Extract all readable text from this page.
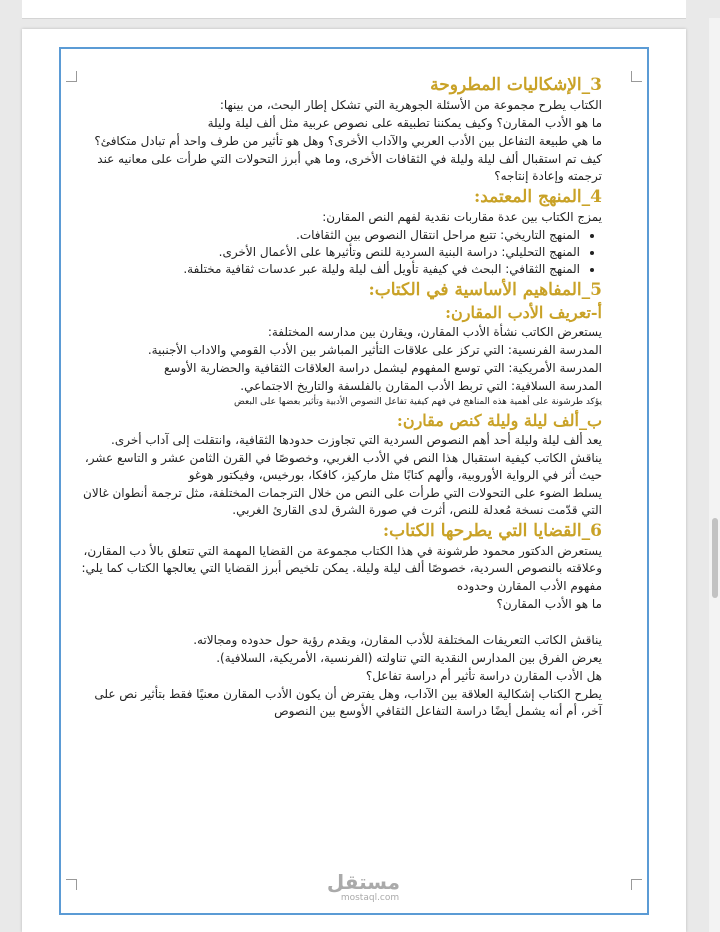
3_الإشكاليات المطروحة

الكتاب يطرح مجموعة من الأسئلة الجوهرية التي تشكل إطار البحث، من بينها:

ما هو الأدب المقارن؟ وكيف يمكننا تطبيقه على نصوص عربية مثل ألف ليلة وليلة

ما هي طبيعة التفاعل بين الأدب العربي والآداب الأخرى؟ وهل هو تأثير من طرف واحد أم تبادل متكافئ؟

كيف تم استقبال ألف ليلة وليلة في الثقافات الأخرى، وما هي أبرز التحولات التي طرأت على معانيه عند ترجمته وإعادة إنتاجه؟

4_المنهج المعتمد:

يمزج الكتاب بين عدة مقاربات نقدية لفهم النص المقارن:

• المنهج التاريخي: تتبع مراحل انتقال النصوص بين الثقافات.
• المنهج التحليلي: دراسة البنية السردية للنص وتأثيرها على الأعمال الأخرى.
• المنهج الثقافي: البحث في كيفية تأويل ألف ليلة وليلة عبر عدسات ثقافية مختلفة.
5_المفاهيم الأساسية في الكتاب:
أ-تعريف الأدب المقارن:

يستعرض الكاتب نشأة الأدب المقارن، ويقارن بين مدارسه المختلفة:

المدرسة الفرنسية: التي تركز على علاقات التأثير المباشر بين الأدب القومي والاداب الأجنبية.

المدرسة الأمريكية: التي توسع المفهوم ليشمل دراسة العلاقات الثقافية والحضارية الأوسع

المدرسة السلافية: التي تربط الأدب المقارن بالفلسفة والتاريخ الاجتماعي.

يؤكد طرشونة على أهمية هذه المناهج في فهم كيفية تفاعل النصوص الأدبية وتأثير بعضها على البعض

ب_ألف ليلة وليلة كنص مقارن:

يعد ألف ليلة وليلة أحد أهم النصوص السردية التي تجاوزت حدودها الثقافية، وانتقلت إلى آداب أخرى.

يناقش الكاتب كيفية استقبال هذا النص في الأدب الغربي، وخصوصًا في القرن الثامن عشر و التاسع عشر، حيث أثر في الرواية الأوروبية، وألهم كتابًا مثل ماركيز، كافكا، بورخيس، وفيكتور هوغو

يسلط الضوء على التحولات التي طرأت على النص من خلال الترجمات المختلفة، مثل ترجمة أنطوان غالان التي قدّمت نسخة مُعدلة للنص، أثرت في صورة الشرق لدى القارئ الغربي.

6_القضايا التي يطرحها الكتاب:

يستعرض الدكتور محمود طرشونة في هذا الكتاب مجموعة من القضايا المهمة التي تتعلق بالأ دب المقارن، وعلاقته بالنصوص السردية، خصوصًا ألف ليلة وليلة. يمكن تلخيص أبرز القضايا التي يعالجها الكتاب كما يلي:

مفهوم الأدب المقارن وحدوده

ما هو الأدب المقارن؟

يناقش الكاتب التعريفات المختلفة للأدب المقارن، ويقدم رؤية حول حدوده ومجالاته.

يعرض الفرق بين المدارس النقدية التي تناولته (الفرنسية، الأمريكية، السلافية).

هل الأدب المقارن دراسة تأثير أم دراسة تفاعل؟

يطرح الكتاب إشكالية العلاقة بين الآداب، وهل يفترض أن يكون الأدب المقارن معنيًا فقط بتأثير نص على آخر، أم أنه يشمل أيضًا دراسة التفاعل الثقافي الأوسع بين النصوص

مستقل
mostaql.com
